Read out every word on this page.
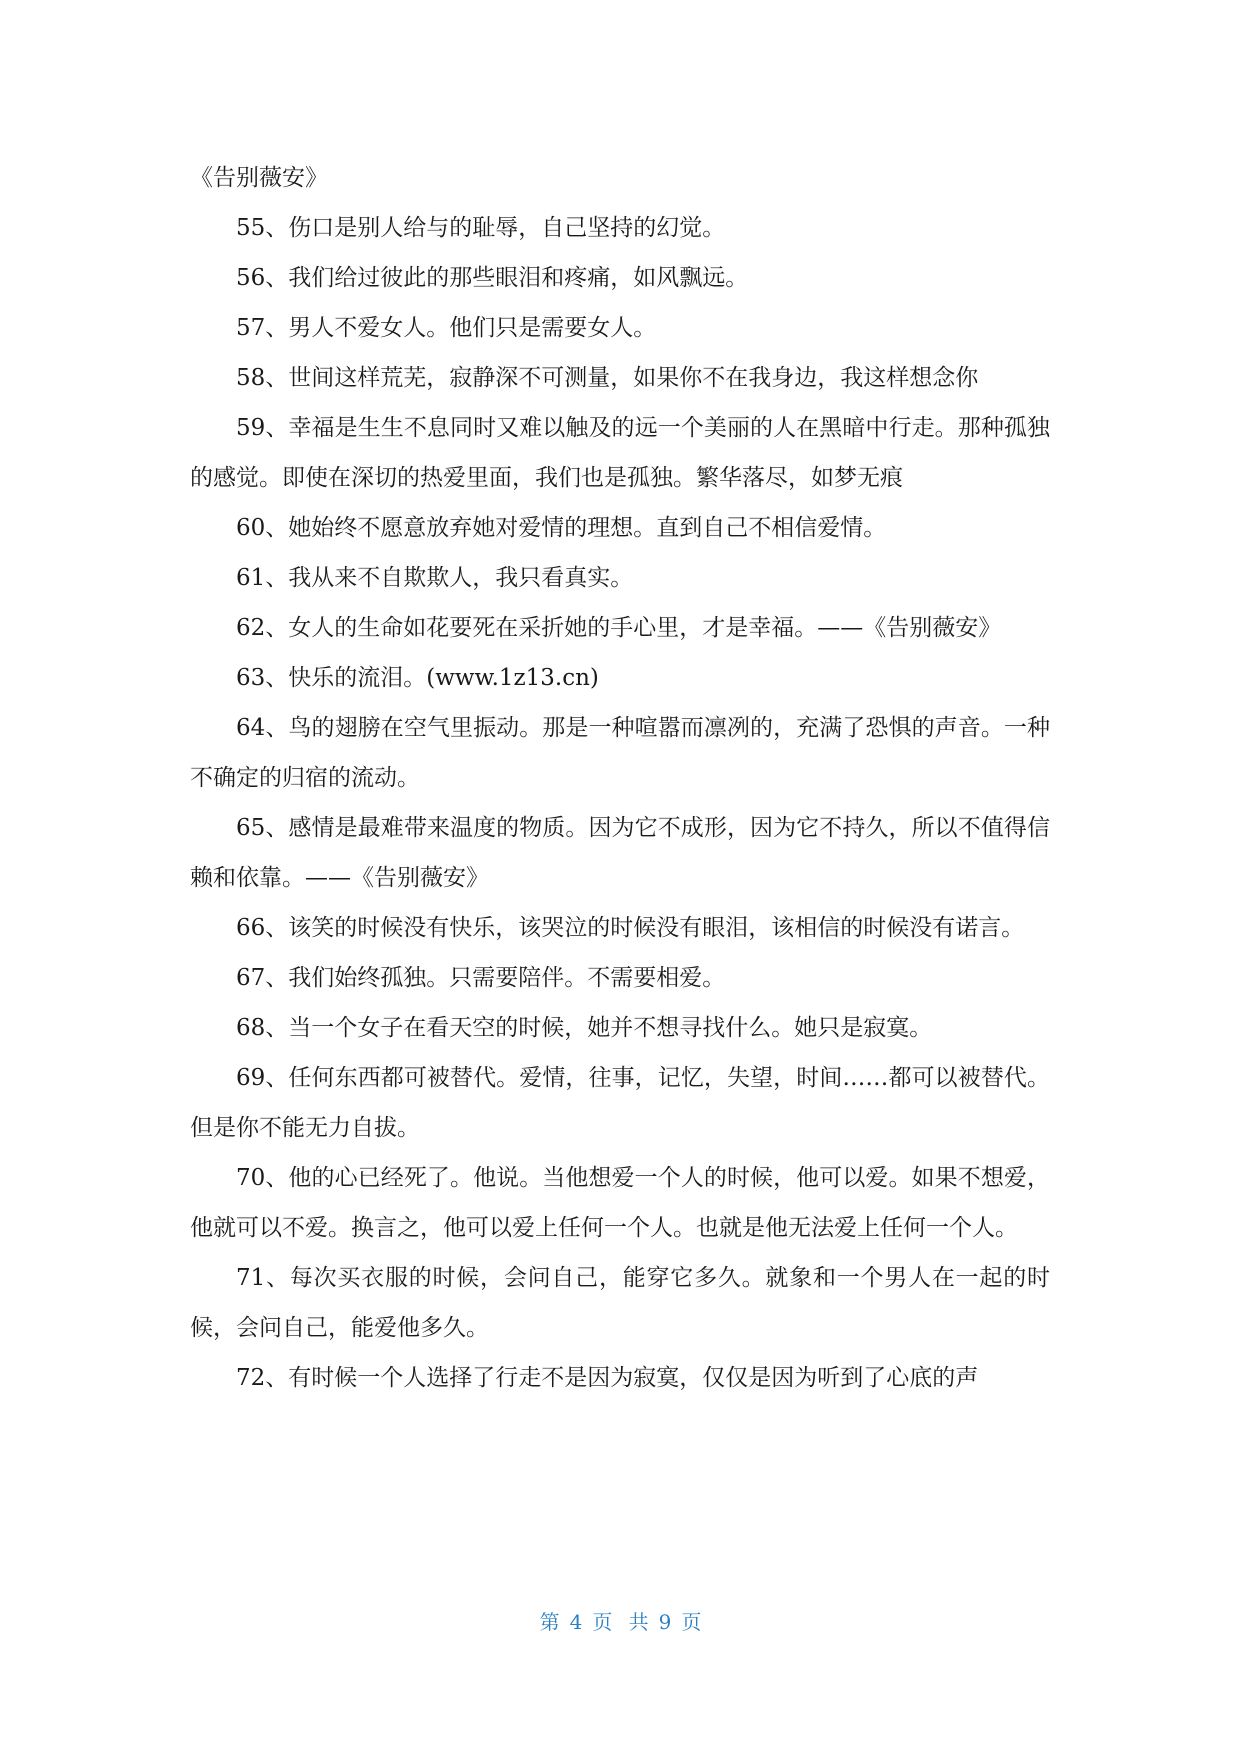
《告别薇安》

55、伤口是别人给与的耻辱，自己坚持的幻觉。

56、我们给过彼此的那些眼泪和疼痛，如风飘远。

57、男人不爱女人。他们只是需要女人。

58、世间这样荒芜，寂静深不可测量，如果你不在我身边，我这样想念你

59、幸福是生生不息同时又难以触及的远一个美丽的人在黑暗中行走。那种孤独的感觉。即使在深切的热爱里面，我们也是孤独。繁华落尽，如梦无痕

60、她始终不愿意放弃她对爱情的理想。直到自己不相信爱情。

61、我从来不自欺欺人，我只看真实。

62、女人的生命如花要死在采折她的手心里，才是幸福。——《告别薇安》

63、快乐的流泪。(www.1z13.cn)

64、鸟的翅膀在空气里振动。那是一种喧嚣而凛冽的，充满了恐惧的声音。一种不确定的归宿的流动。

65、感情是最难带来温度的物质。因为它不成形，因为它不持久，所以不值得信赖和依靠。——《告别薇安》

66、该笑的时候没有快乐，该哭泣的时候没有眼泪，该相信的时候没有诺言。

67、我们始终孤独。只需要陪伴。不需要相爱。

68、当一个女子在看天空的时候，她并不想寻找什么。她只是寂寞。

69、任何东西都可被替代。爱情，往事，记忆，失望，时间……都可以被替代。但是你不能无力自拔。

70、他的心已经死了。他说。当他想爱一个人的时候，他可以爱。如果不想爱，他就可以不爱。换言之，他可以爱上任何一个人。也就是他无法爱上任何一个人。

71、每次买衣服的时候，会问自己，能穿它多久。就象和一个男人在一起的时候，会问自己，能爱他多久。

72、有时候一个人选择了行走不是因为寂寞，仅仅是因为听到了心底的声

第 4 页 共 9 页
